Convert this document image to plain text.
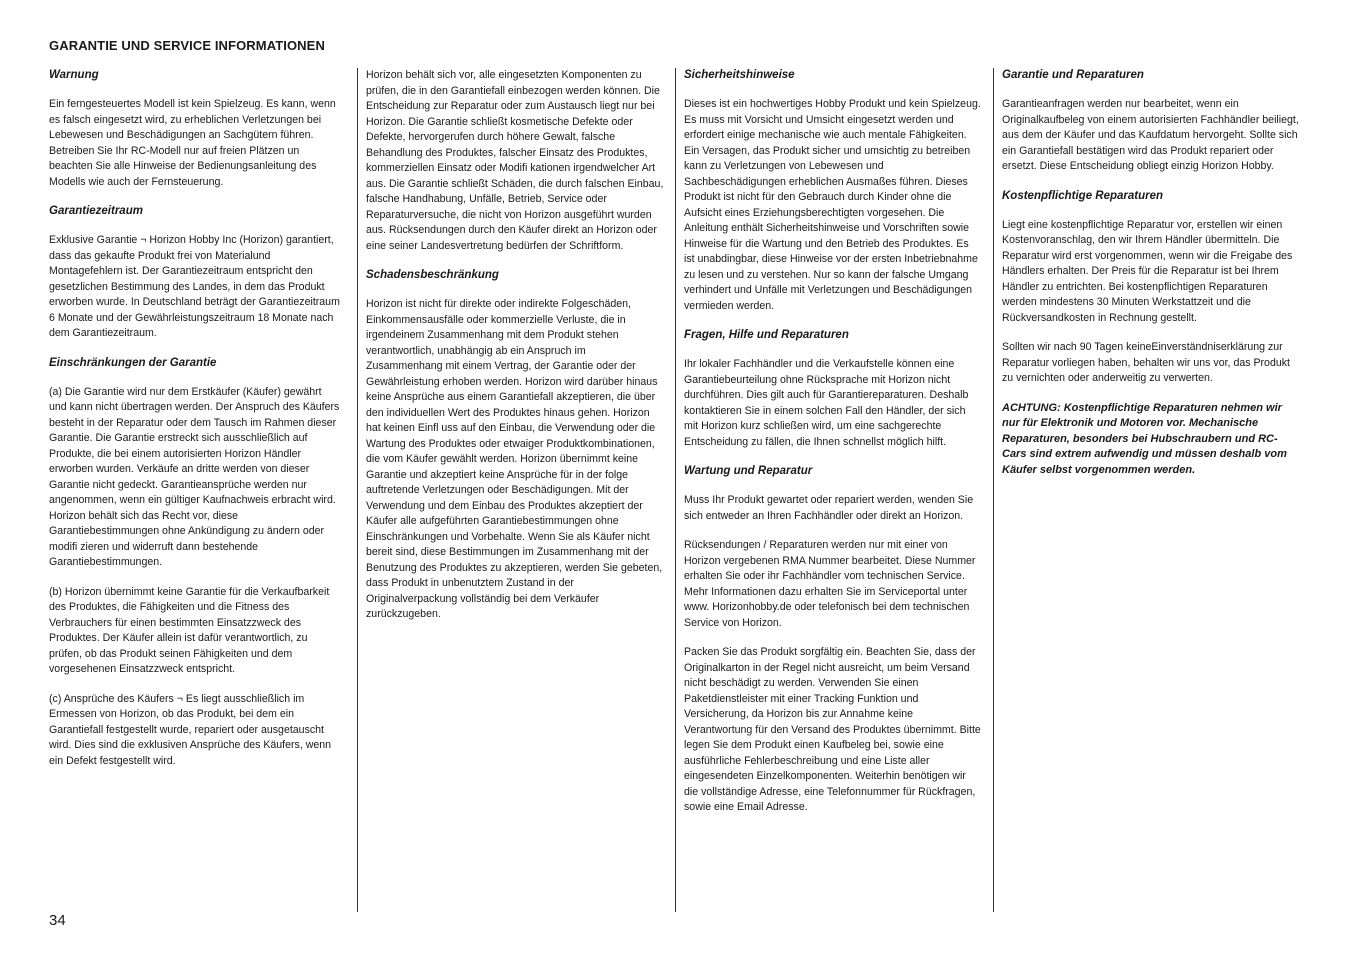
GARANTIE UND SERVICE INFORMATIONEN
Warnung

Ein ferngesteuertes Modell ist kein Spielzeug. Es kann, wenn es falsch eingesetzt wird, zu erheblichen Verletzungen bei Lebewesen und Beschädigungen an Sachgütern führen. Betreiben Sie Ihr RC-Modell nur auf freien Plätzen un beachten Sie alle Hinweise der Bedienungsanleitung des Modells wie auch der Fernsteuerung.

Garantiezeitraum

Exklusive Garantie ¬ Horizon Hobby Inc (Horizon) garantiert, dass das gekaufte Produkt frei von Materialund Montagefehlern ist. Der Garantiezeitraum entspricht den gesetzlichen Bestimmung des Landes, in dem das Produkt erworben wurde. In Deutschland beträgt der Garantiezeitraum 6 Monate und der Gewährleistungszeitraum 18 Monate nach dem Garantiezeitraum.

Einschränkungen der Garantie

(a) Die Garantie wird nur dem Erstkäufer (Käufer) gewährt und kann nicht übertragen werden. Der Anspruch des Käufers besteht in der Reparatur oder dem Tausch im Rahmen dieser Garantie. Die Garantie erstreckt sich ausschließlich auf Produkte, die bei einem autorisierten Horizon Händler erworben wurden. Verkäufe an dritte werden von dieser Garantie nicht gedeckt. Garantieansprüche werden nur angenommen, wenn ein gültiger Kaufnachweis erbracht wird. Horizon behält sich das Recht vor, diese Garantiebestimmungen ohne Ankündigung zu ändern oder modifi zieren und widerruft dann bestehende Garantiebestimmungen.

(b) Horizon übernimmt keine Garantie für die Verkaufbarkeit des Produktes, die Fähigkeiten und die Fitness des Verbrauchers für einen bestimmten Einsatzzweck des Produktes. Der Käufer allein ist dafür verantwortlich, zu prüfen, ob das Produkt seinen Fähigkeiten und dem vorgesehenen Einsatzzweck entspricht.

(c) Ansprüche des Käufers ¬ Es liegt ausschließlich im Ermessen von Horizon, ob das Produkt, bei dem ein Garantiefall festgestellt wurde, repariert oder ausgetauscht wird. Dies sind die exklusiven Ansprüche des Käufers, wenn ein Defekt festgestellt wird.

Horizon behält sich vor, alle eingesetzten Komponenten zu prüfen, die in den Garantiefall einbezogen werden können. Die Entscheidung zur Reparatur oder zum Austausch liegt nur bei Horizon. Die Garantie schließt kosmetische Defekte oder Defekte, hervorgerufen durch höhere Gewalt, falsche Behandlung des Produktes, falscher Einsatz des Produktes, kommerziellen Einsatz oder Modifi kationen irgendwelcher Art aus. Die Garantie schließt Schäden, die durch falschen Einbau, falsche Handhabung, Unfälle, Betrieb, Service oder Reparaturversuche, die nicht von Horizon ausgeführt wurden aus. Rücksendungen durch den Käufer direkt an Horizon oder eine seiner Landesvertretung bedürfen der Schriftform.

Schadensbeschränkung

Horizon ist nicht für direkte oder indirekte Folgeschäden, Einkommensausfälle oder kommerzielle Verluste, die in irgendeinem Zusammenhang mit dem Produkt stehen verantwortlich, unabhängig ab ein Anspruch im Zusammenhang mit einem Vertrag, der Garantie oder der Gewährleistung erhoben werden. Horizon wird darüber hinaus keine Ansprüche aus einem Garantiefall akzeptieren, die über den individuellen Wert des Produktes hinaus gehen. Horizon hat keinen Einfl uss auf den Einbau, die Verwendung oder die Wartung des Produktes oder etwaiger Produktkombinationen, die vom Käufer gewählt werden. Horizon übernimmt keine Garantie und akzeptiert keine Ansprüche für in der folge auftretende Verletzungen oder Beschädigungen. Mit der Verwendung und dem Einbau des Produktes akzeptiert der Käufer alle aufgeführten Garantiebestimmungen ohne Einschränkungen und Vorbehalte. Wenn Sie als Käufer nicht bereit sind, diese Bestimmungen im Zusammenhang mit der Benutzung des Produktes zu akzeptieren, werden Sie gebeten, dass Produkt in unbenutztem Zustand in der Originalverpackung vollständig bei dem Verkäufer zurückzugeben.

Sicherheitshinweise

Dieses ist ein hochwertiges Hobby Produkt und kein Spielzeug. Es muss mit Vorsicht und Umsicht eingesetzt werden und erfordert einige mechanische wie auch mentale Fähigkeiten. Ein Versagen, das Produkt sicher und umsichtig zu betreiben kann zu Verletzungen von Lebewesen und Sachbeschädigungen erheblichen Ausmaßes führen. Dieses Produkt ist nicht für den Gebrauch durch Kinder ohne die Aufsicht eines Erziehungsberechtigten vorgesehen. Die Anleitung enthält Sicherheitshinweise und Vorschriften sowie Hinweise für die Wartung und den Betrieb des Produktes. Es ist unabdingbar, diese Hinweise vor der ersten Inbetriebnahme zu lesen und zu verstehen. Nur so kann der falsche Umgang verhindert und Unfälle mit Verletzungen und Beschädigungen vermieden werden.

Fragen, Hilfe und Reparaturen

Ihr lokaler Fachhändler und die Verkaufstelle können eine Garantiebeurteilung ohne Rücksprache mit Horizon nicht durchführen. Dies gilt auch für Garantiereparaturen. Deshalb kontaktieren Sie in einem solchen Fall den Händler, der sich mit Horizon kurz schließen wird, um eine sachgerechte Entscheidung zu fällen, die Ihnen schnellst möglich hilft.

Wartung und Reparatur

Muss Ihr Produkt gewartet oder repariert werden, wenden Sie sich entweder an Ihren Fachhändler oder direkt an Horizon.

Rücksendungen / Reparaturen werden nur mit einer von Horizon vergebenen RMA Nummer bearbeitet. Diese Nummer erhalten Sie oder ihr Fachhändler vom technischen Service. Mehr Informationen dazu erhalten Sie im Serviceportal unter www. Horizonhobby.de oder telefonisch bei dem technischen Service von Horizon.

Packen Sie das Produkt sorgfältig ein. Beachten Sie, dass der Originalkarton in der Regel nicht ausreicht, um beim Versand nicht beschädigt zu werden. Verwenden Sie einen Paketdienstleister mit einer Tracking Funktion und Versicherung, da Horizon bis zur Annahme keine Verantwortung für den Versand des Produktes übernimmt. Bitte legen Sie dem Produkt einen Kaufbeleg bei, sowie eine ausführliche Fehlerbeschreibung und eine Liste aller eingesendeten Einzelkomponenten. Weiterhin benötigen wir die vollständige Adresse, eine Telefonnummer für Rückfragen, sowie eine Email Adresse.

Garantie und Reparaturen

Garantieanfragen werden nur bearbeitet, wenn ein Originalkaufbeleg von einem autorisierten Fachhändler beiliegt, aus dem der Käufer und das Kaufdatum hervorgeht. Sollte sich ein Garantiefall bestätigen wird das Produkt repariert oder ersetzt. Diese Entscheidung obliegt einzig Horizon Hobby.

Kostenpflichtige Reparaturen

Liegt eine kostenpflichtige Reparatur vor, erstellen wir einen Kostenvoranschlag, den wir Ihrem Händler übermitteln. Die Reparatur wird erst vorgenommen, wenn wir die Freigabe des Händlers erhalten. Der Preis für die Reparatur ist bei Ihrem Händler zu entrichten. Bei kostenpflichtigen Reparaturen werden mindestens 30 Minuten Werkstattzeit und die Rückversandkosten in Rechnung gestellt.

Sollten wir nach 90 Tagen keineEinverständniserklärung zur Reparatur vorliegen haben, behalten wir uns vor, das Produkt zu vernichten oder anderweitig zu verwerten.

ACHTUNG: Kostenpflichtige Reparaturen nehmen wir nur für Elektronik und Motoren vor. Mechanische Reparaturen, besonders bei Hubschraubern und RC-Cars sind extrem aufwendig und müssen deshalb vom Käufer selbst vorgenommen werden.

34
